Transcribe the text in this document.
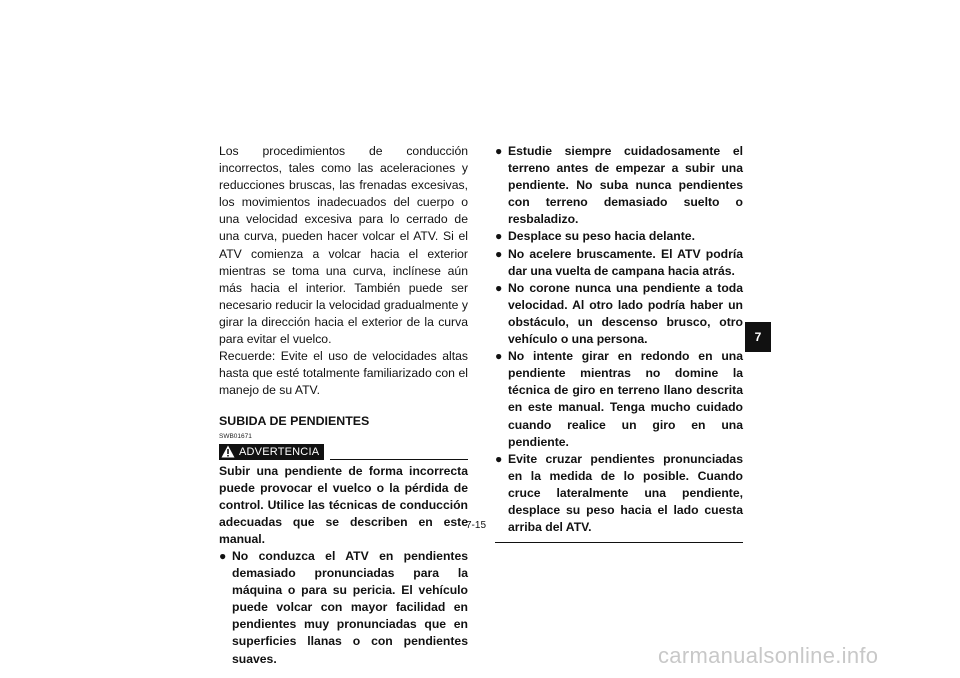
Los procedimientos de conducción incorrectos, tales como las aceleraciones y reducciones bruscas, las frenadas excesivas, los movimientos inadecuados del cuerpo o una velocidad excesiva para lo cerrado de una curva, pueden hacer volcar el ATV. Si el ATV comienza a volcar hacia el exterior mientras se toma una curva, inclínese aún más hacia el interior. También puede ser necesario reducir la velocidad gradualmente y girar la dirección hacia el exterior de la curva para evitar el vuelco.
Recuerde: Evite el uso de velocidades altas hasta que esté totalmente familiarizado con el manejo de su ATV.
SUBIDA DE PENDIENTES
SWB01671
ADVERTENCIA
Subir una pendiente de forma incorrecta puede provocar el vuelco o la pérdida de control. Utilice las técnicas de conducción adecuadas que se describen en este manual.
● No conduzca el ATV en pendientes demasiado pronunciadas para la máquina o para su pericia. El vehículo puede volcar con mayor facilidad en pendientes muy pronunciadas que en superficies llanas o con pendientes suaves.
● Estudie siempre cuidadosamente el terreno antes de empezar a subir una pendiente. No suba nunca pendientes con terreno demasiado suelto o resbaladizo.
● Desplace su peso hacia delante.
● No acelere bruscamente. El ATV podría dar una vuelta de campana hacia atrás.
● No corone nunca una pendiente a toda velocidad. Al otro lado podría haber un obstáculo, un descenso brusco, otro vehículo o una persona.
● No intente girar en redondo en una pendiente mientras no domine la técnica de giro en terreno llano descrita en este manual. Tenga mucho cuidado cuando realice un giro en una pendiente.
● Evite cruzar pendientes pronunciadas en la medida de lo posible. Cuando cruce lateralmente una pendiente, desplace su peso hacia el lado cuesta arriba del ATV.
7-15
7
carmanualsonline.info
